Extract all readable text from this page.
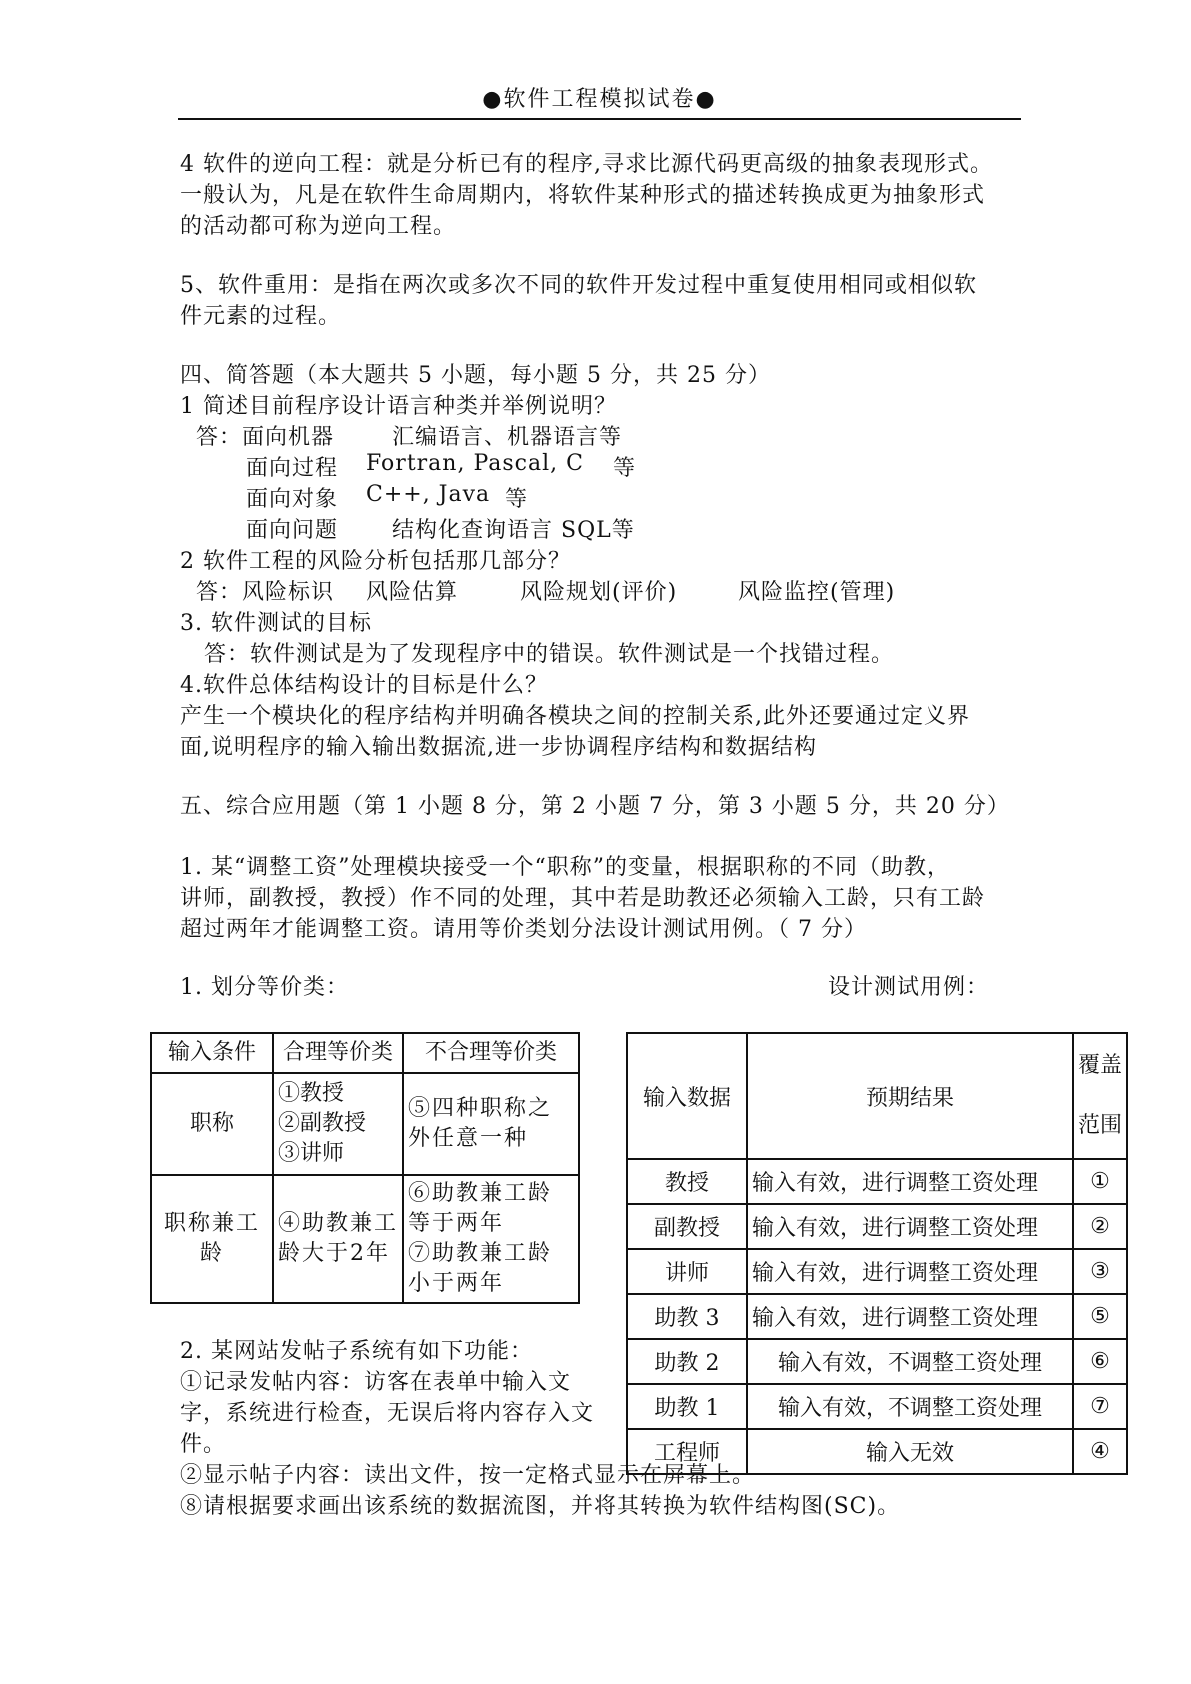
●软件工程模拟试卷●
4 软件的逆向工程：就是分析已有的程序,寻求比源代码更高级的抽象表现形式。
一般认为，凡是在软件生命周期内，将软件某种形式的描述转换成更为抽象形式
的活动都可称为逆向工程。
5、软件重用：是指在两次或多次不同的软件开发过程中重复使用相同或相似软
件元素的过程。
四、简答题（本大题共 5 小题，每小题 5 分，共 25 分）
1 简述目前程序设计语言种类并举例说明？
答：面向机器	汇编语言、机器语言等
面向过程 Fortran, Pascal, C 等
面向对象 C++, Java 等
面向问题 结构化查询语言 SQL等
2 软件工程的风险分析包括那几部分？
答：风险标识 风险估算	风险规划(评价)	风险监控(管理)
3. 软件测试的目标
答：软件测试是为了发现程序中的错误。软件测试是一个找错过程。
4.软件总体结构设计的目标是什么？
产生一个模块化的程序结构并明确各模块之间的控制关系,此外还要通过定义界
面,说明程序的输入输出数据流,进一步协调程序结构和数据结构
五、综合应用题（第 1 小题 8 分，第 2 小题 7 分，第 3 小题 5 分，共 20 分）
1. 某“调整工资”处理模块接受一个“职称”的变量，根据职称的不同（助教，
讲师，副教授，教授）作不同的处理，其中若是助教还必须输入工龄，只有工龄
超过两年才能调整工资。请用等价类划分法设计测试用例。（ 7 分）
1. 划分等价类：	设计测试用例：
输入条件	合理等价类	不合理等价类
职称	①教授
②副教授
③讲师	⑤四种职称之外任意一种
职称兼工龄	④助教兼工龄大于2年	⑥助教兼工龄等于两年
⑦助教兼工龄小于两年
输入数据	预期结果	覆盖
范围

教授	输入有效，进行调整工资处理	①
副教授	输入有效，进行调整工资处理	②
讲师	输入有效，进行调整工资处理	③
助教 3	输入有效，进行调整工资处理	⑤
助教 2	输入有效，不调整工资处理	⑥
助教 1	输入有效，不调整工资处理	⑦
工程师	输入无效	④
2. 某网站发帖子系统有如下功能：
①记录发帖内容：访客在表单中输入文
字，系统进行检查，无误后将内容存入文
件。
②显示帖子内容：读出文件，按一定格式显示在屏幕上。
⑧请根据要求画出该系统的数据流图，并将其转换为软件结构图(SC)。
